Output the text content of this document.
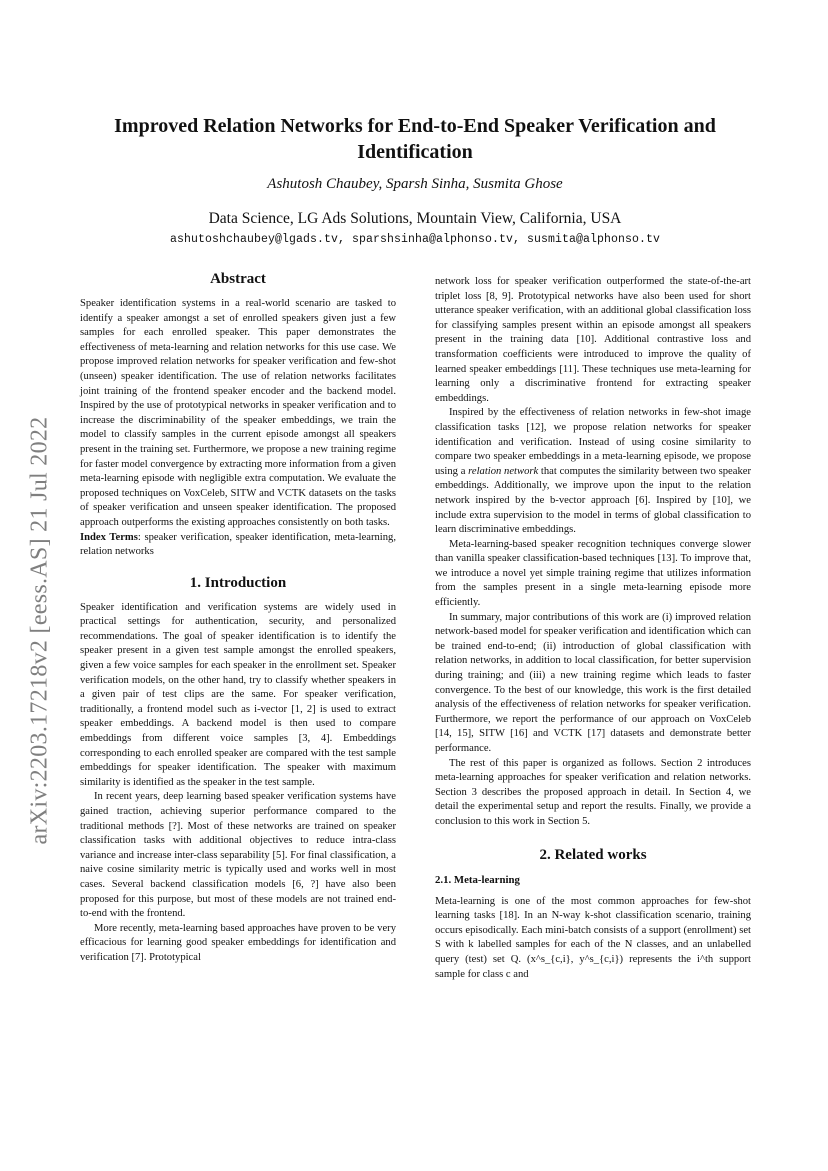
arXiv:2203.17218v2 [eess.AS] 21 Jul 2022
Improved Relation Networks for End-to-End Speaker Verification and Identification
Ashutosh Chaubey, Sparsh Sinha, Susmita Ghose
Data Science, LG Ads Solutions, Mountain View, California, USA
ashutoshchaubey@lgads.tv, sparshsinha@alphonso.tv, susmita@alphonso.tv
Abstract

Speaker identification systems in a real-world scenario are tasked to identify a speaker amongst a set of enrolled speakers given just a few samples for each enrolled speaker. This paper demonstrates the effectiveness of meta-learning and relation networks for this use case. We propose improved relation networks for speaker verification and few-shot (unseen) speaker identification. The use of relation networks facilitates joint training of the frontend speaker encoder and the backend model. Inspired by the use of prototypical networks in speaker verification and to increase the discriminability of the speaker embeddings, we train the model to classify samples in the current episode amongst all speakers present in the training set. Furthermore, we propose a new training regime for faster model convergence by extracting more information from a given meta-learning episode with negligible extra computation. We evaluate the proposed techniques on VoxCeleb, SITW and VCTK datasets on the tasks of speaker verification and unseen speaker identification. The proposed approach outperforms the existing approaches consistently on both tasks.

Index Terms: speaker verification, speaker identification, meta-learning, relation networks

1. Introduction

Speaker identification and verification systems are widely used in practical settings for authentication, security, and personalized recommendations. The goal of speaker identification is to identify the speaker present in a given test sample amongst the enrolled speakers, given a few voice samples for each speaker in the enrollment set. Speaker verification models, on the other hand, try to classify whether speakers in a given pair of test clips are the same. For speaker verification, traditionally, a frontend model such as i-vector [1, 2] is used to extract speaker embeddings. A backend model is then used to compare embeddings from different voice samples [3, 4]. Embeddings corresponding to each enrolled speaker are compared with the test sample embeddings for speaker identification. The speaker with maximum similarity is identified as the speaker in the test sample.

In recent years, deep learning based speaker verification systems have gained traction, achieving superior performance compared to the traditional methods [?]. Most of these networks are trained on speaker classification tasks with additional objectives to reduce intra-class variance and increase inter-class separability [5]. For final classification, a naive cosine similarity metric is typically used and works well in most cases. Several backend classification models [6, ?] have also been proposed for this purpose, but most of these models are not trained end-to-end with the frontend.

More recently, meta-learning based approaches have proven to be very efficacious for learning good speaker embeddings for identification and verification [7]. Prototypical

network loss for speaker verification outperformed the state-of-the-art triplet loss [8, 9]. Prototypical networks have also been used for short utterance speaker verification, with an additional global classification loss for classifying samples present within an episode amongst all speakers present in the training data [10]. Additional contrastive loss and transformation coefficients were introduced to improve the quality of learned speaker embeddings [11]. These techniques use meta-learning for learning only a discriminative frontend for extracting speaker embeddings.

Inspired by the effectiveness of relation networks in few-shot image classification tasks [12], we propose relation networks for speaker identification and verification. Instead of using cosine similarity to compare two speaker embeddings in a meta-learning episode, we propose using a relation network that computes the similarity between two speaker embeddings. Additionally, we improve upon the input to the relation network inspired by the b-vector approach [6]. Inspired by [10], we include extra supervision to the model in terms of global classification to learn discriminative embeddings.

Meta-learning-based speaker recognition techniques converge slower than vanilla speaker classification-based techniques [13]. To improve that, we introduce a novel yet simple training regime that utilizes information from the samples present in a single meta-learning episode more efficiently.

In summary, major contributions of this work are (i) improved relation network-based model for speaker verification and identification which can be trained end-to-end; (ii) introduction of global classification with relation networks, in addition to local classification, for better supervision during training; and (iii) a new training regime which leads to faster convergence. To the best of our knowledge, this work is the first detailed analysis of the effectiveness of relation networks for speaker verification. Furthermore, we report the performance of our approach on VoxCeleb [14, 15], SITW [16] and VCTK [17] datasets and demonstrate better performance.

The rest of this paper is organized as follows. Section 2 introduces meta-learning approaches for speaker verification and relation networks. Section 3 describes the proposed approach in detail. In Section 4, we detail the experimental setup and report the results. Finally, we provide a conclusion to this work in Section 5.

2. Related works
2.1. Meta-learning

Meta-learning is one of the most common approaches for few-shot learning tasks [18]. In an N-way k-shot classification scenario, training occurs episodically. Each mini-batch consists of a support (enrollment) set S with k labelled samples for each of the N classes, and an unlabelled query (test) set Q. (x^s_{c,i}, y^s_{c,i}) represents the i^th support sample for class c and
